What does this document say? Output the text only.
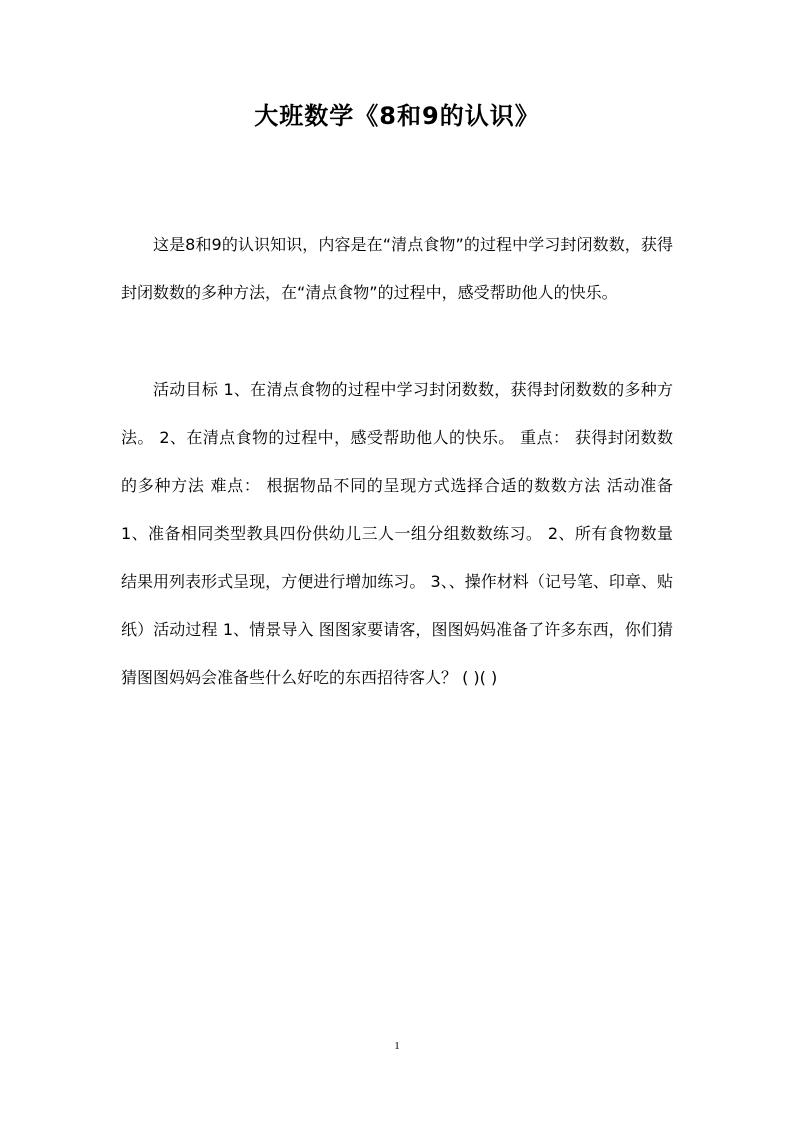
大班数学《8和9的认识》

这是8和9的认识知识，内容是在“清点食物”的过程中学习封闭数数，获得封闭数数的多种方法，在“清点食物”的过程中，感受帮助他人的快乐。

活动目标 1、在清点食物的过程中学习封闭数数，获得封闭数数的多种方法。 2、在清点食物的过程中，感受帮助他人的快乐。 重点： 获得封闭数数的多种方法 难点： 根据物品不同的呈现方式选择合适的数数方法 活动准备 1、准备相同类型教具四份供幼儿三人一组分组数数练习。 2、所有食物数量结果用列表形式呈现，方便进行增加练习。 3、、操作材料（记号笔、印章、贴纸）活动过程 1、情景导入 图图家要请客，图图妈妈准备了许多东西，你们猜猜图图妈妈会准备些什么好吃的东西招待客人？ ( )( )

1
